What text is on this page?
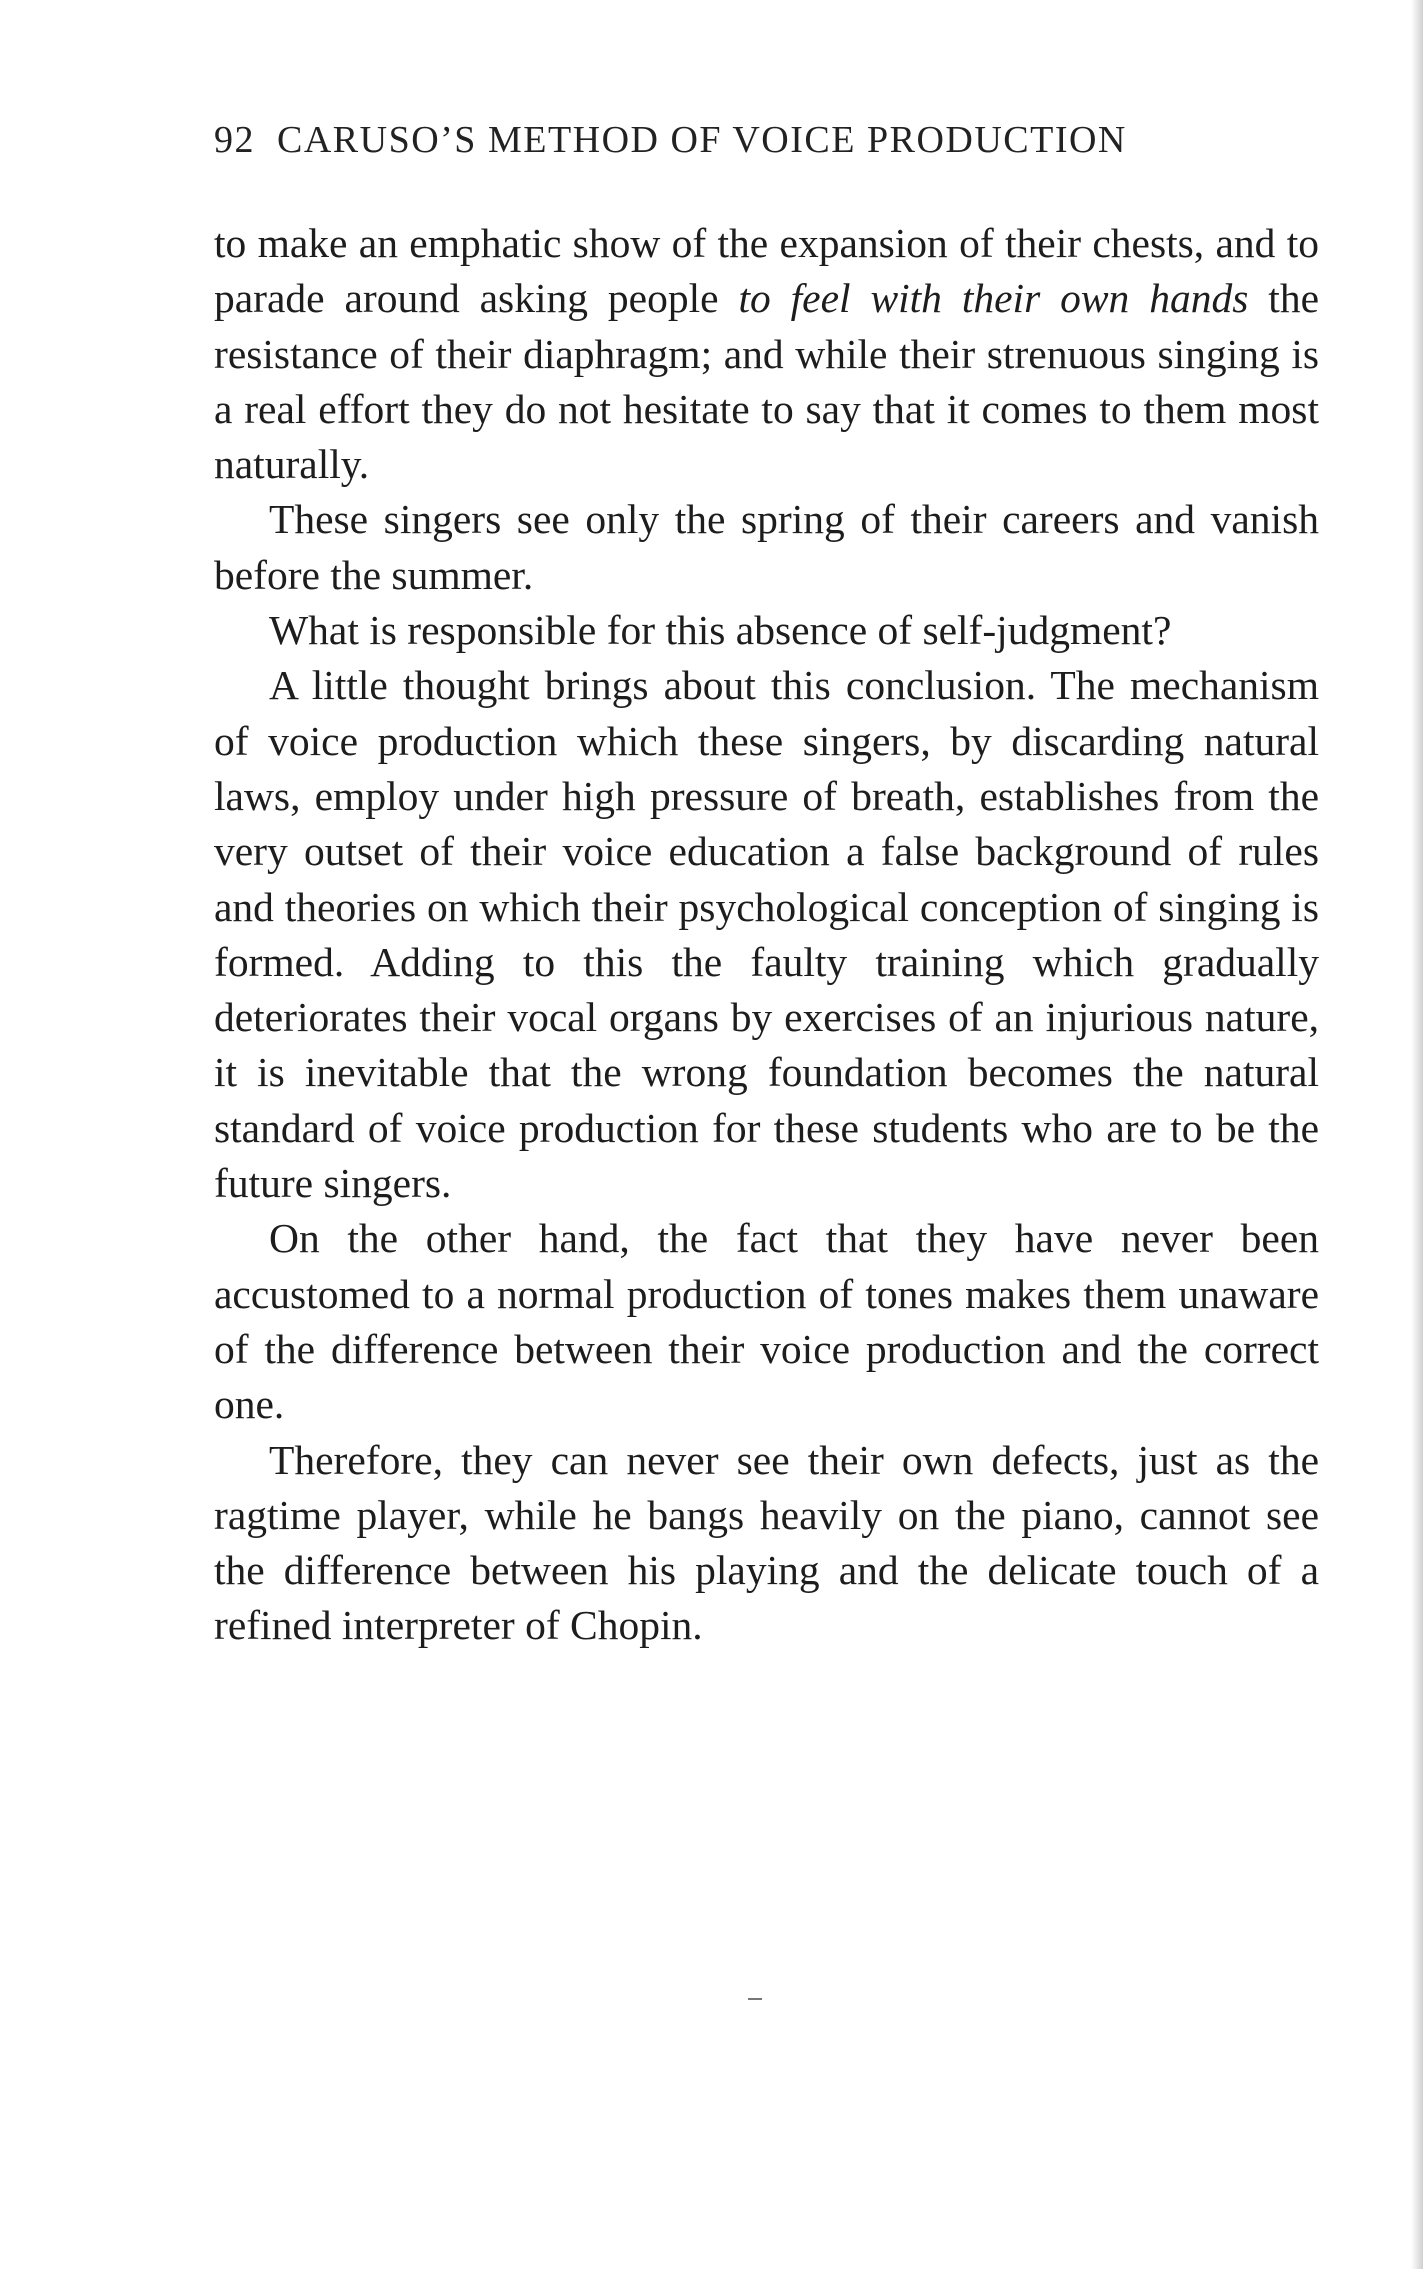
92 CARUSO’S METHOD OF VOICE PRODUCTION

to make an emphatic show of the expansion of their chests, and to parade around asking people to feel with their own hands the resistance of their diaphragm; and while their strenuous singing is a real effort they do not hesitate to say that it comes to them most naturally.

These singers see only the spring of their careers and vanish before the summer.

What is responsible for this absence of self-judgment?

A little thought brings about this conclusion. The mechanism of voice production which these singers, by discarding natural laws, employ under high pressure of breath, establishes from the very outset of their voice education a false background of rules and theories on which their psychological conception of singing is formed. Adding to this the faulty training which gradually deteriorates their vocal organs by exercises of an injurious nature, it is inevitable that the wrong foundation becomes the natural standard of voice production for these students who are to be the future singers.

On the other hand, the fact that they have never been accustomed to a normal production of tones makes them unaware of the difference between their voice production and the correct one.

Therefore, they can never see their own defects, just as the ragtime player, while he bangs heavily on the piano, cannot see the difference between his playing and the delicate touch of a refined interpreter of Chopin.
